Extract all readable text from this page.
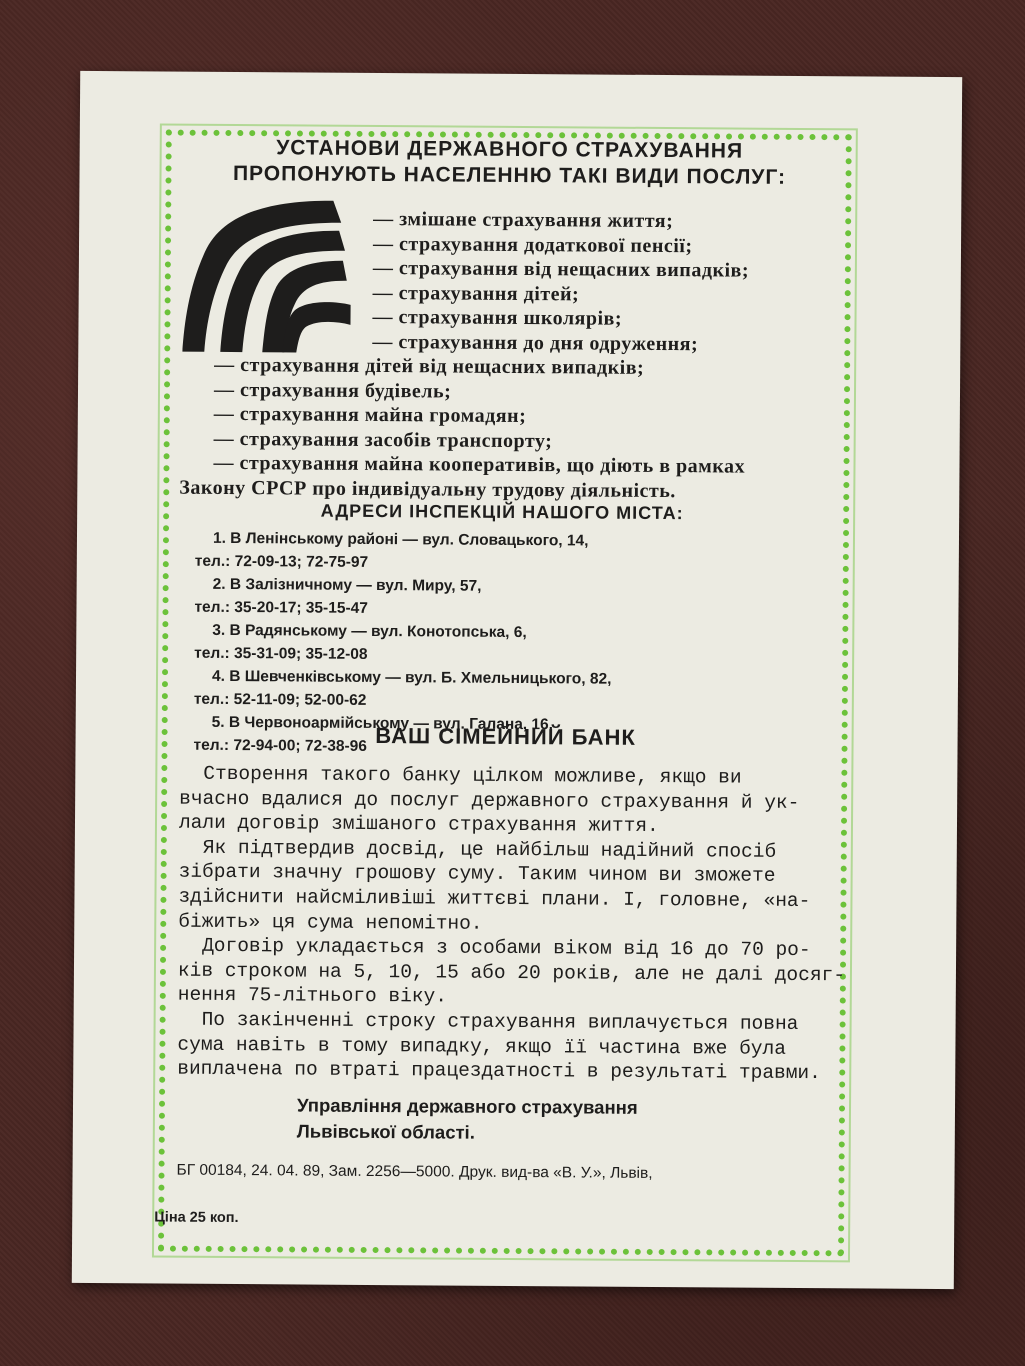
УСТАНОВИ ДЕРЖАВНОГО СТРАХУВАННЯ
ПРОПОНУЮТЬ НАСЕЛЕННЮ ТАКІ ВИДИ ПОСЛУГ:
— змішане страхування життя;
— страхування додаткової пенсії;
— страхування від нещасних випадків;
— страхування дітей;
— страхування школярів;
— страхування до дня одруження;
— страхування дітей від нещасних випадків;
— страхування будівель;
— страхування майна громадян;
— страхування засобів транспорту;
— страхування майна кооперативів, що діють в рамках
АДРЕСИ ІНСПЕКЦІЙ НАШОГО МІСТА:
1. В Ленінському районі — вул. Словацького, 14,
тел.: 72-09-13; 72-75-97
2. В Залізничному — вул. Миру, 57,
тел.: 35-20-17; 35-15-47
3. В Радянському — вул. Конотопська, 6,
тел.: 35-31-09; 35-12-08
4. В Шевченківському — вул. Б. Хмельницького, 82,
тел.: 52-11-09; 52-00-62
5. В Червоноармійському — вул. Галана, 16,
тел.: 72-94-00; 72-38-96 ВАШ СІМЕЙНИЙ БАНК
Створення такого банку цілком можливе, якщо ви
вчасно вдалися до послуг державного страхування й ук-
лали договір змішаного страхування життя.
Як підтвердив досвід, це найбільш надійний спосіб
зібрати значну грошову суму. Таким чином ви зможете
здійснити найсміливіші життєві плани. І, головне, «на-
біжить» ця сума непомітно.
Договір укладається з особами віком від 16 до 70 ро-
ків строком на 5, 10, 15 або 20 років, але не далі досяг-
нення 75-літнього віку.
По закінченні строку страхування виплачується повна
сума навіть в тому випадку, якщо її частина вже була
виплачена по втраті працездатності в результаті травми.
Управління державного страхування
Львівської області.
БГ 00184, 24. 04. 89, Зам. 2256—5000. Друк. вид-ва «В. У.», Львів,
Ціна 25 коп.
Закону СРСР про індивідуальну трудову діяльність.
